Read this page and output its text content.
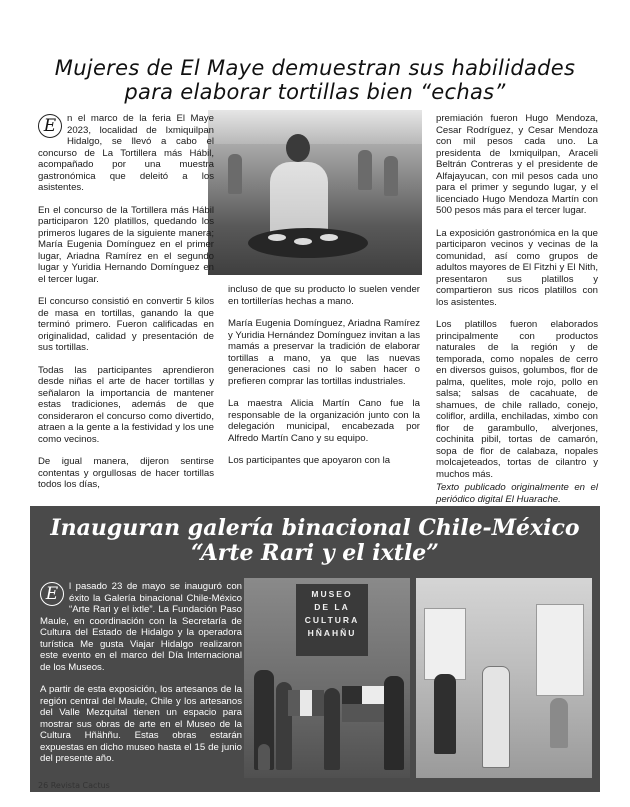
Mujeres de El Maye demuestran sus habilidades
para elaborar tortillas bien “echas”

E	n el marco de la feria El Maye 2023, localidad de Ixmiquilpan Hidalgo, se llevó a cabo el concurso de La Tortillera más Hábil, acompañado por una muestra gastronómica que deleitó a los asistentes.

En el concurso de la Tortillera más Hábil participaron 120 platillos, quedando los primeros lugares de la siguiente manera; María Eugenia Domínguez en el primer lugar, Ariadna Ramírez en el segundo lugar y Yuridia Hernando Domínguez en el tercer lugar.

El concurso consistió en convertir 5 kilos de masa en tortillas, ganando la que terminó primero. Fueron calificadas en originalidad, calidad y presentación de sus tortillas.

Todas las participantes aprendieron desde niñas el arte de hacer tortillas y señalaron la importancia de mantener estas tradiciones, además de que consideraron el concurso como divertido, atraen a la gente a la festividad y los une como vecinos.

De igual manera, dijeron sentirse contentas y orgullosas de hacer tortillas todos los días,

incluso de que su producto lo suelen vender en tortillerías hechas a mano.

María Eugenia Domínguez, Ariadna Ramírez y Yuridia Hernández Domínguez invitan a las mamás a preservar la tradición de elaborar tortillas a mano, ya que las nuevas generaciones casi no lo saben hacer o prefieren comprar las tortillas industriales.

La maestra Alicia Martín Cano fue la responsable de la organización junto con la delegación municipal, encabezada por Alfredo Martín Cano y su equipo.

Los participantes que apoyaron con la

premiación fueron Hugo Mendoza, Cesar Rodríguez, y Cesar Mendoza con mil pesos cada uno. La presidenta de Ixmiquilpan, Araceli Beltrán Contreras y el presidente de Alfajayucan, con mil pesos cada uno para el primer y segundo lugar, y el licenciado Hugo Mendoza Martín con 500 pesos más para el tercer lugar.

La exposición gastronómica en la que participaron vecinos y vecinas de la comunidad, así como grupos de adultos mayores de El Fitzhi y El Nith, presentaron sus platillos y compartieron sus ricos platillos con los asistentes.

Los platillos fueron elaborados principalmente con productos naturales de la región y de temporada, como nopales de cerro en diversos guisos, golumbos, flor de palma, quelites, mole rojo, pollo en salsa; salsas de cacahuate, de shamues, de chile rallado, conejo, coliflor, ardilla, enchiladas, ximbo con flor de garambullo, alverjones, cochinita pibil, tortas de camarón, sopa de flor de calabaza, nopales molcajeteados, tortas de cilantro y muchos más.

Texto publicado originalmente en el periódico digital El Huarache.

Inauguran galería binacional Chile-México
“Arte Rari y el ixtle”

E	l pasado 23 de mayo se inauguró con éxito la Galería binacional Chile-México “Arte Rari y el ixtle”. La Fundación Paso Maule, en coordinación con la Secretaría de Cultura del Estado de Hidalgo y la operadora turística Me gusta Viajar Hidalgo realizaron este evento en el marco del Día Internacional de los Museos.

A partir de esta exposición, los artesanos de la región central del Maule, Chile y los artesanos del Valle Mezquital tienen un espacio para mostrar sus obras de arte en el Museo de la Cultura Hñähñu. Estas obras estarán expuestas en dicho museo hasta el 15 de junio del presente año.

MUSEO
DE LA
CULTURA
HÑAHÑU
26 Revista Cactus
